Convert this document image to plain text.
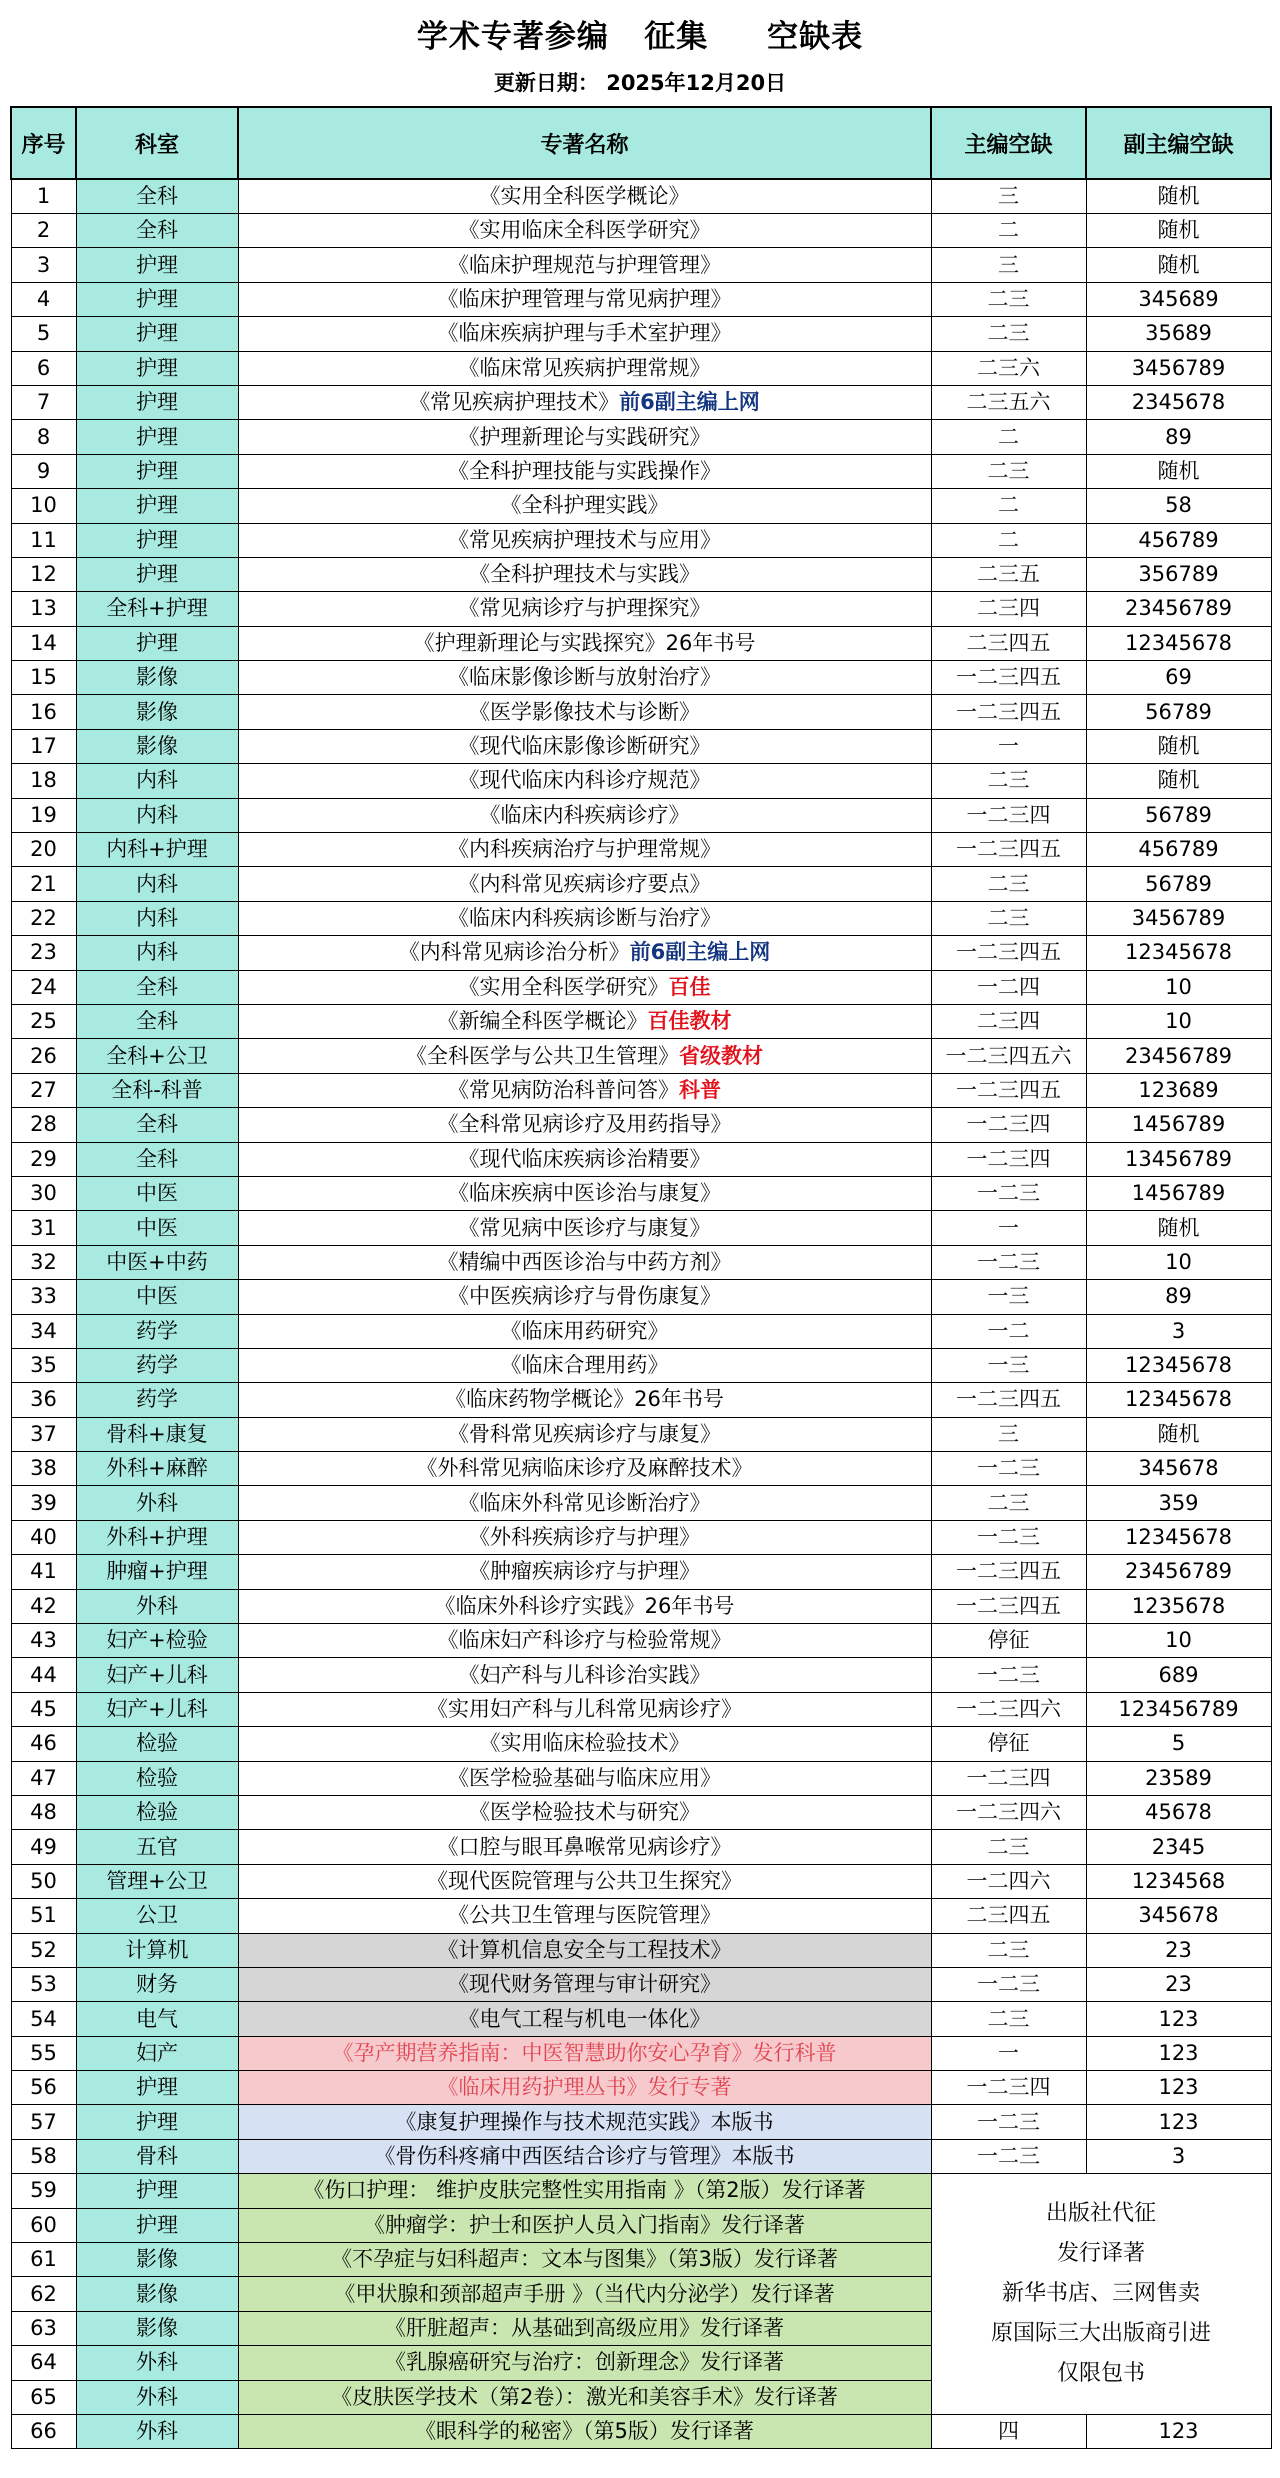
学术专著参编   征集     空缺表
更新日期： 2025年12月20日
序号	科室	专著名称	主编空缺	副主编空缺
1	全科	《实用全科医学概论》	三	随机
2	全科	《实用临床全科医学研究》	二	随机
3	护理	《临床护理规范与护理管理》	三	随机
4	护理	《临床护理管理与常见病护理》	二三	345689
5	护理	《临床疾病护理与手术室护理》	二三	35689
6	护理	《临床常见疾病护理常规》	二三六	3456789
7	护理	《常见疾病护理技术》前6副主编上网	二三五六	2345678
8	护理	《护理新理论与实践研究》	二	89
9	护理	《全科护理技能与实践操作》	二三	随机
10	护理	《全科护理实践》	二	58
11	护理	《常见疾病护理技术与应用》	二	456789
12	护理	《全科护理技术与实践》	二三五	356789
13	全科+护理	《常见病诊疗与护理探究》	二三四	23456789
14	护理	《护理新理论与实践探究》26年书号	二三四五	12345678
15	影像	《临床影像诊断与放射治疗》	一二三四五	69
16	影像	《医学影像技术与诊断》	一二三四五	56789
17	影像	《现代临床影像诊断研究》	一	随机
18	内科	《现代临床内科诊疗规范》	二三	随机
19	内科	《临床内科疾病诊疗》	一二三四	56789
20	内科+护理	《内科疾病治疗与护理常规》	一二三四五	456789
21	内科	《内科常见疾病诊疗要点》	二三	56789
22	内科	《临床内科疾病诊断与治疗》	二三	3456789
23	内科	《内科常见病诊治分析》前6副主编上网	一二三四五	12345678
24	全科	《实用全科医学研究》百佳	一二四	10
25	全科	《新编全科医学概论》百佳教材	二三四	10
26	全科+公卫	《全科医学与公共卫生管理》省级教材	一二三四五六	23456789
27	全科-科普	《常见病防治科普问答》科普	一二三四五	123689
28	全科	《全科常见病诊疗及用药指导》	一二三四	1456789
29	全科	《现代临床疾病诊治精要》	一二三四	13456789
30	中医	《临床疾病中医诊治与康复》	一二三	1456789
31	中医	《常见病中医诊疗与康复》	一	随机
32	中医+中药	《精编中西医诊治与中药方剂》	一二三	10
33	中医	《中医疾病诊疗与骨伤康复》	一三	89
34	药学	《临床用药研究》	一二	3
35	药学	《临床合理用药》	一三	12345678
36	药学	《临床药物学概论》26年书号	一二三四五	12345678
37	骨科+康复	《骨科常见疾病诊疗与康复》	三	随机
38	外科+麻醉	《外科常见病临床诊疗及麻醉技术》	一二三	345678
39	外科	《临床外科常见诊断治疗》	二三	359
40	外科+护理	《外科疾病诊疗与护理》	一二三	12345678
41	肿瘤+护理	《肿瘤疾病诊疗与护理》	一二三四五	23456789
42	外科	《临床外科诊疗实践》26年书号	一二三四五	1235678
43	妇产+检验	《临床妇产科诊疗与检验常规》	停征	10
44	妇产+儿科	《妇产科与儿科诊治实践》	一二三	689
45	妇产+儿科	《实用妇产科与儿科常见病诊疗》	一二三四六	123456789
46	检验	《实用临床检验技术》	停征	5
47	检验	《医学检验基础与临床应用》	一二三四	23589
48	检验	《医学检验技术与研究》	一二三四六	45678
49	五官	《口腔与眼耳鼻喉常见病诊疗》	二三	2345
50	管理+公卫	《现代医院管理与公共卫生探究》	一二四六	1234568
51	公卫	《公共卫生管理与医院管理》	二三四五	345678
52	计算机	《计算机信息安全与工程技术》	二三	23
53	财务	《现代财务管理与审计研究》	一二三	23
54	电气	《电气工程与机电一体化》	二三	123
55	妇产	《孕产期营养指南：中医智慧助你安心孕育》发行科普	一	123
56	护理	《临床用药护理丛书》发行专著	一二三四	123
57	护理	《康复护理操作与技术规范实践》本版书	一二三	123
58	骨科	《骨伤科疼痛中西医结合诊疗与管理》本版书	一二三	3
59	护理	《伤口护理： 维护皮肤完整性实用指南 》（第2版）发行译著	出版社代征
发行译著
新华书店、三网售卖
原国际三大出版商引进
仅限包书	

60	护理	《肿瘤学：护士和医护人员入门指南》发行译著		
61	影像	《不孕症与妇科超声：文本与图集》（第3版）发行译著		
62	影像	《甲状腺和颈部超声手册 》（当代内分泌学）发行译著		
63	影像	《肝脏超声：从基础到高级应用》发行译著		
64	外科	《乳腺癌研究与治疗：创新理念》发行译著		
65	外科	《皮肤医学技术（第2卷）：激光和美容手术》发行译著		
66	外科	《眼科学的秘密》（第5版）发行译著	四	123
